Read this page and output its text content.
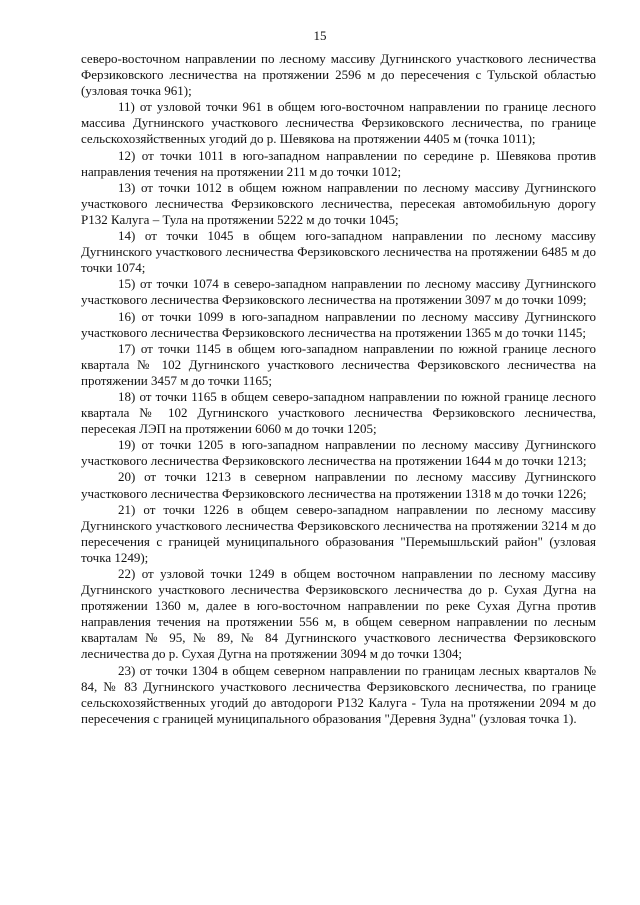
15

северо-восточном направлении по лесному массиву Дугнинского участкового лесничества Ферзиковского лесничества на протяжении 2596 м до пересечения с Тульской областью (узловая точка 961);

11) от узловой точки 961 в общем юго-восточном направлении по границе лесного массива Дугнинского участкового лесничества Ферзиковского лесничества, по границе сельскохозяйственных угодий до р. Шевякова на протяжении 4405 м (точка 1011);

12) от точки 1011 в юго-западном направлении по середине р. Шевякова против направления течения на протяжении 211 м до точки 1012;

13) от точки 1012 в общем южном направлении по лесному массиву Дугнинского участкового лесничества Ферзиковского лесничества, пересекая автомобильную дорогу Р132 Калуга – Тула на протяжении 5222 м до точки 1045;

14) от точки 1045 в общем юго-западном направлении по лесному массиву Дугнинского участкового лесничества Ферзиковского лесничества на протяжении 6485 м до точки 1074;

15) от точки 1074 в северо-западном направлении по лесному массиву Дугнинского участкового лесничества Ферзиковского лесничества на протяжении 3097 м до точки 1099;

16) от точки 1099 в юго-западном направлении по лесному массиву Дугнинского участкового лесничества Ферзиковского лесничества на протяжении 1365 м до точки 1145;

17) от точки 1145 в общем юго-западном направлении по южной границе лесного квартала № 102 Дугнинского участкового лесничества Ферзиковского лесничества на протяжении 3457 м до точки 1165;

18) от точки 1165 в общем северо-западном направлении по южной границе лесного квартала № 102 Дугнинского участкового лесничества Ферзиковского лесничества, пересекая ЛЭП на протяжении 6060 м до точки 1205;

19) от точки 1205 в юго-западном направлении по лесному массиву Дугнинского участкового лесничества Ферзиковского лесничества на протяжении 1644 м до точки 1213;

20) от точки 1213 в северном направлении по лесному массиву Дугнинского участкового лесничества Ферзиковского лесничества на протяжении 1318 м до точки 1226;

21) от точки 1226 в общем северо-западном направлении по лесному массиву Дугнинского участкового лесничества Ферзиковского лесничества на протяжении 3214 м до пересечения с границей муниципального образования "Перемышльский район" (узловая точка 1249);

22) от узловой точки 1249 в общем восточном направлении по лесному массиву Дугнинского участкового лесничества Ферзиковского лесничества до р. Сухая Дугна на протяжении 1360 м, далее в юго-восточном направлении по реке Сухая Дугна против направления течения на протяжении 556 м, в общем северном направлении по лесным кварталам № 95, № 89, № 84 Дугнинского участкового лесничества Ферзиковского лесничества до р. Сухая Дугна на протяжении 3094 м до точки 1304;

23) от точки 1304 в общем северном направлении по границам лесных кварталов № 84, № 83 Дугнинского участкового лесничества Ферзиковского лесничества, по границе сельскохозяйственных угодий до автодороги Р132 Калуга - Тула на протяжении 2094 м до пересечения с границей муниципального образования "Деревня Зудна" (узловая точка 1).
